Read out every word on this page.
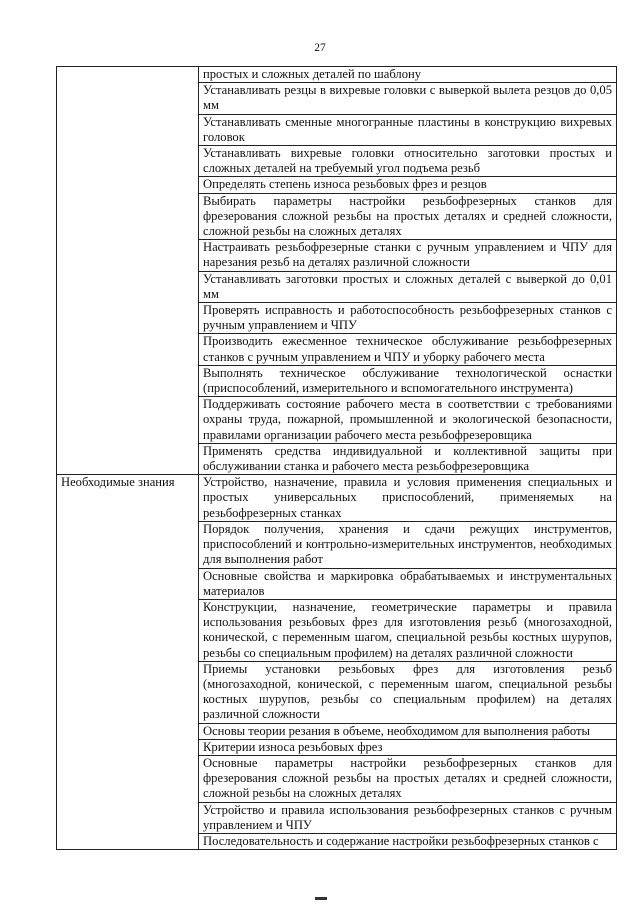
27
	простых и сложных деталей по шаблону
	Устанавливать резцы в вихревые головки с выверкой вылета резцов до 0,05 мм
	Устанавливать сменные многогранные пластины в конструкцию вихревых головок
	Устанавливать вихревые головки относительно заготовки простых и сложных деталей на требуемый угол подъема резьб
	Определять степень износа резьбовых фрез и резцов
	Выбирать параметры настройки резьбофрезерных станков для фрезерования сложной резьбы на простых деталях и средней сложности, сложной резьбы на сложных деталях
	Настраивать резьбофрезерные станки с ручным управлением и ЧПУ для нарезания резьб на деталях различной сложности
	Устанавливать заготовки простых и сложных деталей с выверкой до 0,01 мм
	Проверять исправность и работоспособность резьбофрезерных станков с ручным управлением и ЧПУ
	Производить ежесменное техническое обслуживание резьбофрезерных станков с ручным управлением и ЧПУ и уборку рабочего места
	Выполнять техническое обслуживание технологической оснастки (приспособлений, измерительного и вспомогательного инструмента)
	Поддерживать состояние рабочего места в соответствии с требованиями охраны труда, пожарной, промышленной и экологической безопасности, правилами организации рабочего места резьбофрезеровщика
	Применять средства индивидуальной и коллективной защиты при обслуживании станка и рабочего места резьбофрезеровщика
Необходимые знания	Устройство, назначение, правила и условия применения специальных и простых универсальных приспособлений, применяемых на резьбофрезерных станках
	Порядок получения, хранения и сдачи режущих инструментов, приспособлений и контрольно-измерительных инструментов, необходимых для выполнения работ
	Основные свойства и маркировка обрабатываемых и инструментальных материалов
	Конструкции, назначение, геометрические параметры и правила использования резьбовых фрез для изготовления резьб (многозаходной, конической, с переменным шагом, специальной резьбы костных шурупов, резьбы со специальным профилем) на деталях различной сложности
	Приемы установки резьбовых фрез для изготовления резьб (многозаходной, конической, с переменным шагом, специальной резьбы костных шурупов, резьбы со специальным профилем) на деталях различной сложности
	Основы теории резания в объеме, необходимом для выполнения работы
	Критерии износа резьбовых фрез
	Основные параметры настройки резьбофрезерных станков для фрезерования сложной резьбы на простых деталях и средней сложности, сложной резьбы на сложных деталях
	Устройство и правила использования резьбофрезерных станков с ручным управлением и ЧПУ
	Последовательность и содержание настройки резьбофрезерных станков с
